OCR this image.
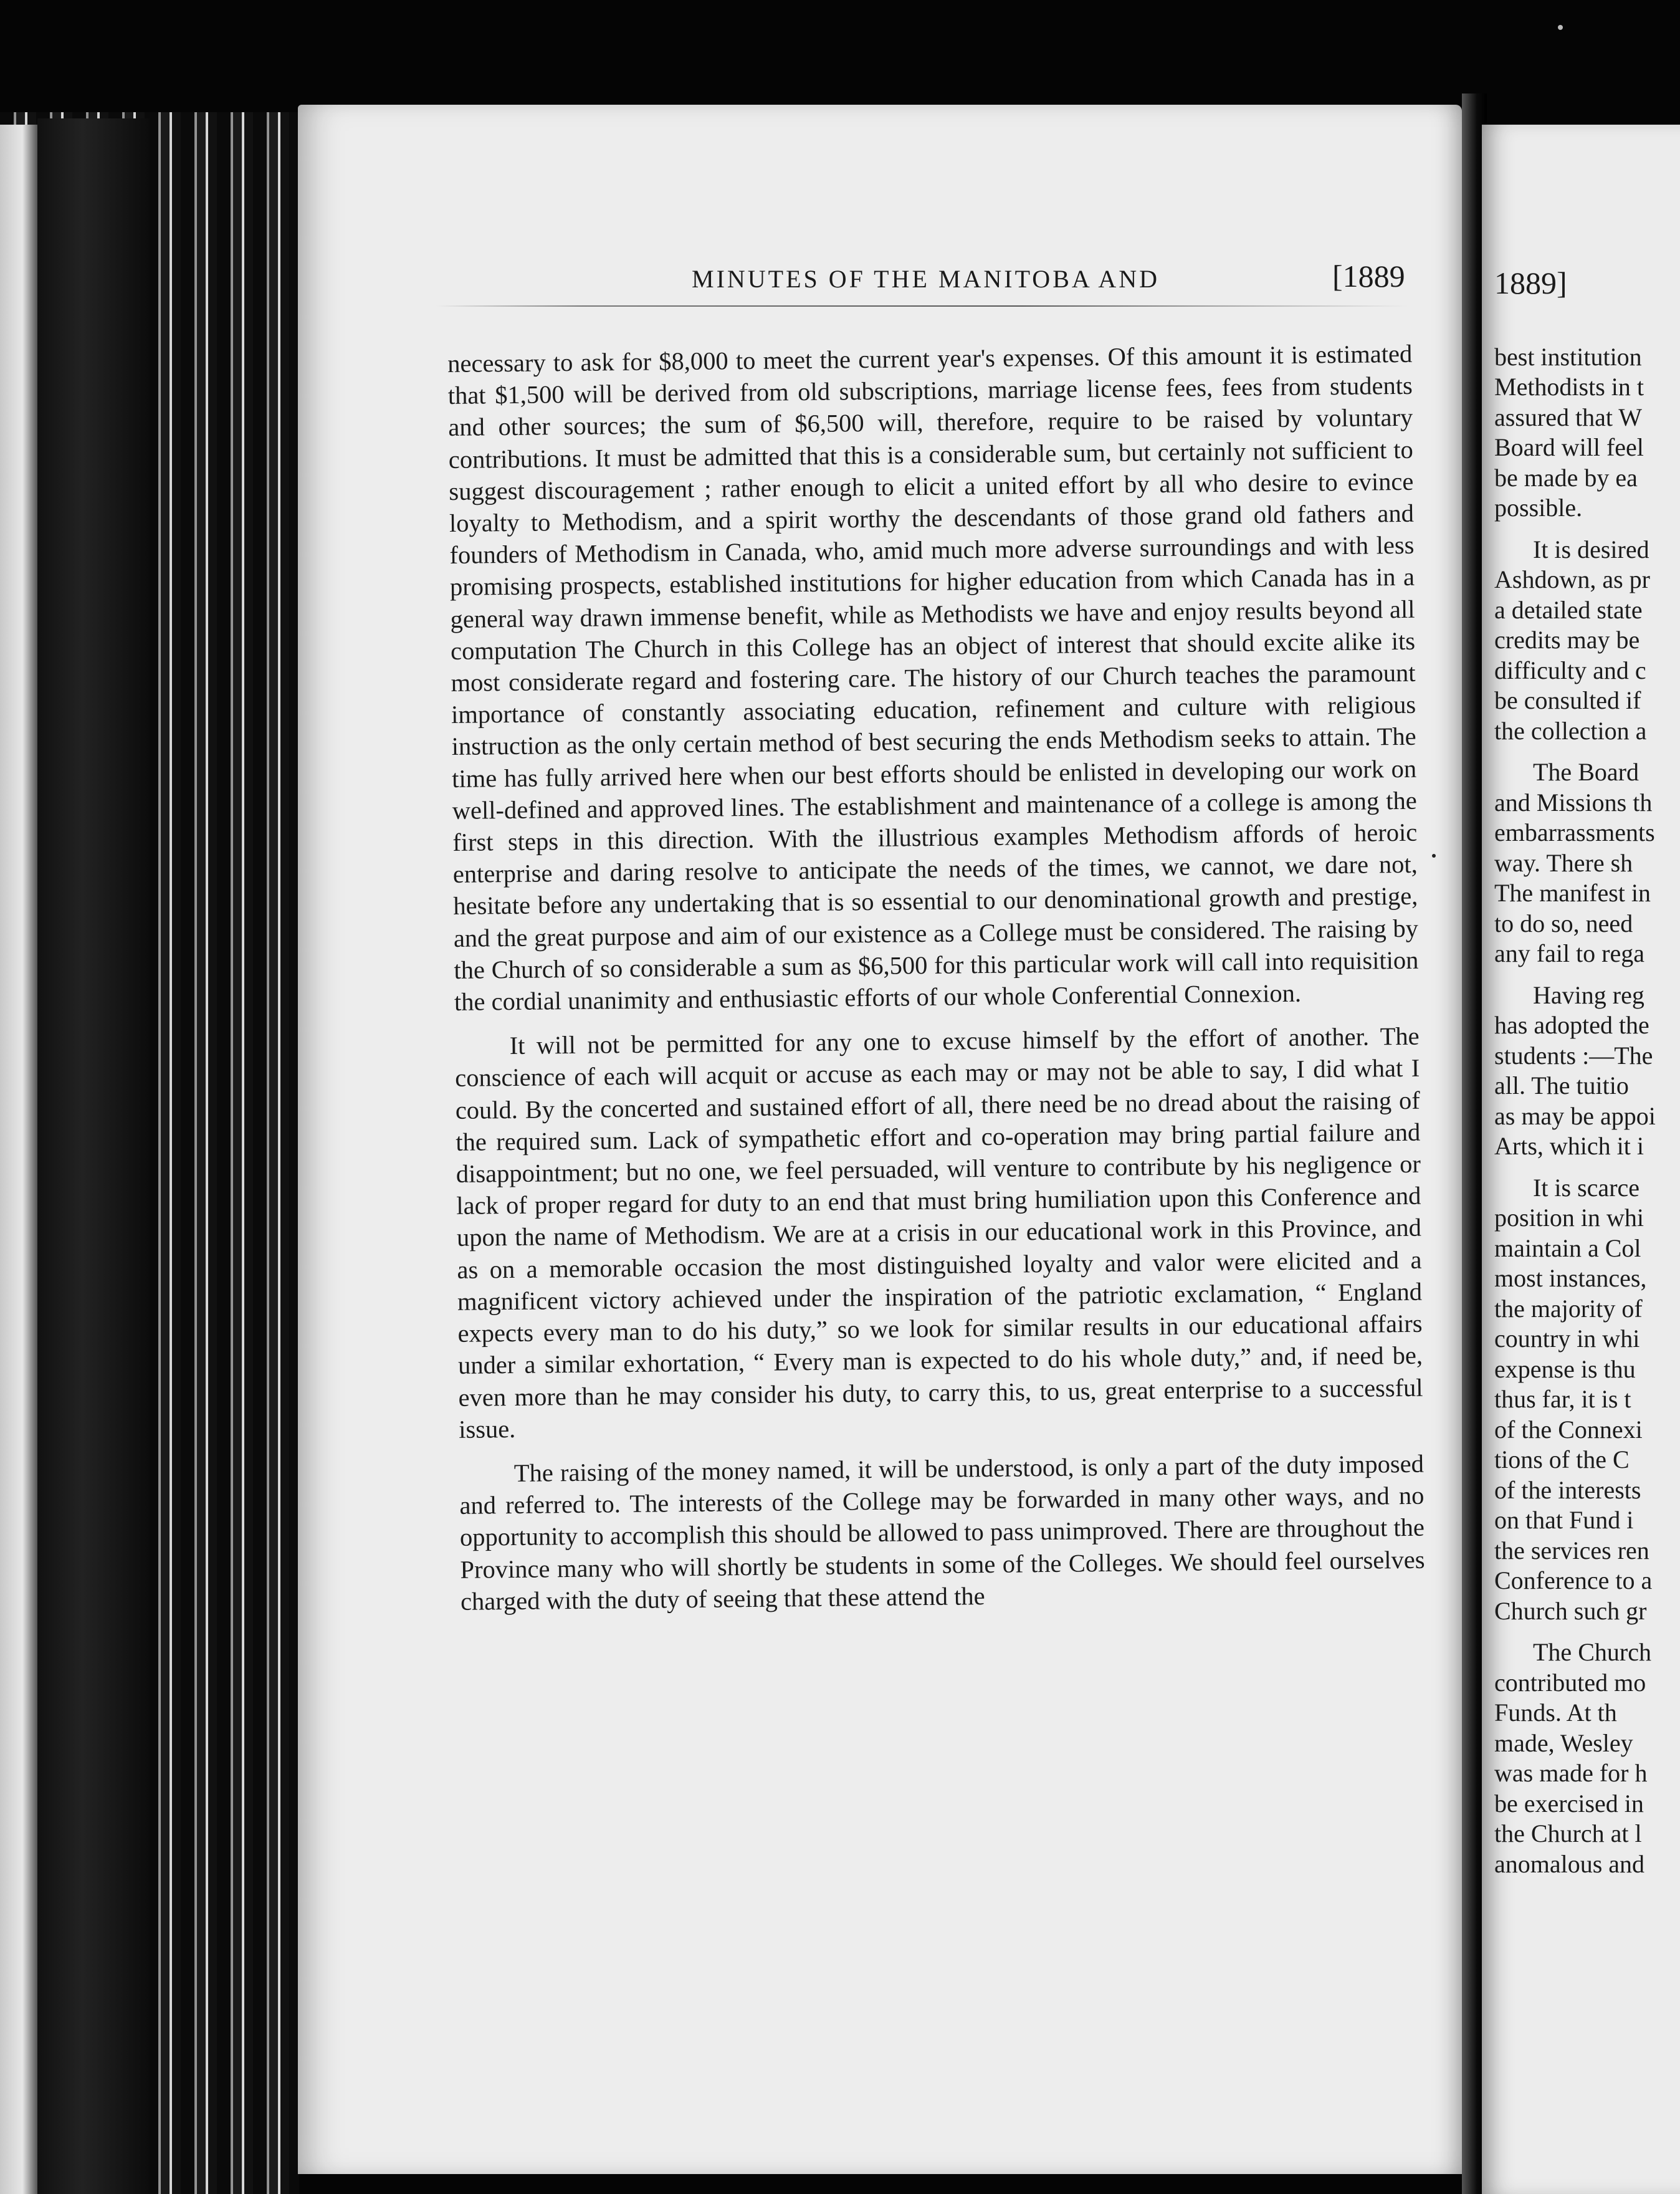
MINUTES OF THE MANITOBA AND	[1889

necessary to ask for $8,000 to meet the current year's expenses. Of this amount it is estimated that $1,500 will be derived from old subscriptions, marriage license fees, fees from students and other sources; the sum of $6,500 will, therefore, require to be raised by voluntary contributions. It must be admitted that this is a considerable sum, but certainly not sufficient to suggest discouragement ; rather enough to elicit a united effort by all who desire to evince loyalty to Methodism, and a spirit worthy the descendants of those grand old fathers and founders of Methodism in Canada, who, amid much more adverse surroundings and with less promising prospects, established institutions for higher education from which Canada has in a general way drawn immense benefit, while as Methodists we have and enjoy results beyond all computation The Church in this College has an object of interest that should excite alike its most considerate regard and fostering care. The history of our Church teaches the paramount importance of constantly associating education, refinement and culture with religious instruction as the only certain method of best securing the ends Methodism seeks to attain. The time has fully arrived here when our best efforts should be enlisted in developing our work on well-defined and approved lines. The establishment and maintenance of a college is among the first steps in this direction. With the illustrious examples Methodism affords of heroic enterprise and daring resolve to anticipate the needs of the times, we cannot, we dare not, hesitate before any undertaking that is so essential to our denominational growth and prestige, and the great purpose and aim of our existence as a College must be considered. The raising by the Church of so considerable a sum as $6,500 for this particular work will call into requisition the cordial unanimity and enthusiastic efforts of our whole Conferential Connexion.

It will not be permitted for any one to excuse himself by the effort of another. The conscience of each will acquit or accuse as each may or may not be able to say, I did what I could. By the concerted and sustained effort of all, there need be no dread about the raising of the required sum. Lack of sympathetic effort and co-operation may bring partial failure and disappointment; but no one, we feel persuaded, will venture to contribute by his negligence or lack of proper regard for duty to an end that must bring humiliation upon this Conference and upon the name of Methodism. We are at a crisis in our educational work in this Province, and as on a memorable occasion the most distinguished loyalty and valor were elicited and a magnificent victory achieved under the inspiration of the patriotic exclamation, “ England expects every man to do his duty,” so we look for similar results in our educational affairs under a similar exhortation, “ Every man is expected to do his whole duty,” and, if need be, even more than he may consider his duty, to carry this, to us, great enterprise to a successful issue.

The raising of the money named, it will be understood, is only a part of the duty imposed and referred to. The interests of the College may be forwarded in many other ways, and no opportunity to accomplish this should be allowed to pass unimproved. There are throughout the Province many who will shortly be students in some of the Colleges. We should feel ourselves charged with the duty of seeing that these attend the

1889]
best institution
Methodists in t
assured that W
Board will feel
be made by ea
possible.
It is desired
Ashdown, as pr
a detailed state
credits may be
difficulty and c
be consulted if
the collection a
The Board
and Missions th
embarrassments
way. There sh
The manifest in
to do so, need
any fail to rega
Having reg
has adopted the
students :—The
all. The tuitio
as may be appoi
Arts, which it i
It is scarce
position in whi
maintain a Col
most instances,
the majority of
country in whi
expense is thu
thus far, it is t
of the Connexi
tions of the C
of the interests
on that Fund i
the services ren
Conference to a
Church such gr
The Church
contributed mo
Funds. At th
made, Wesley
was made for h
be exercised in
the Church at l
anomalous and
